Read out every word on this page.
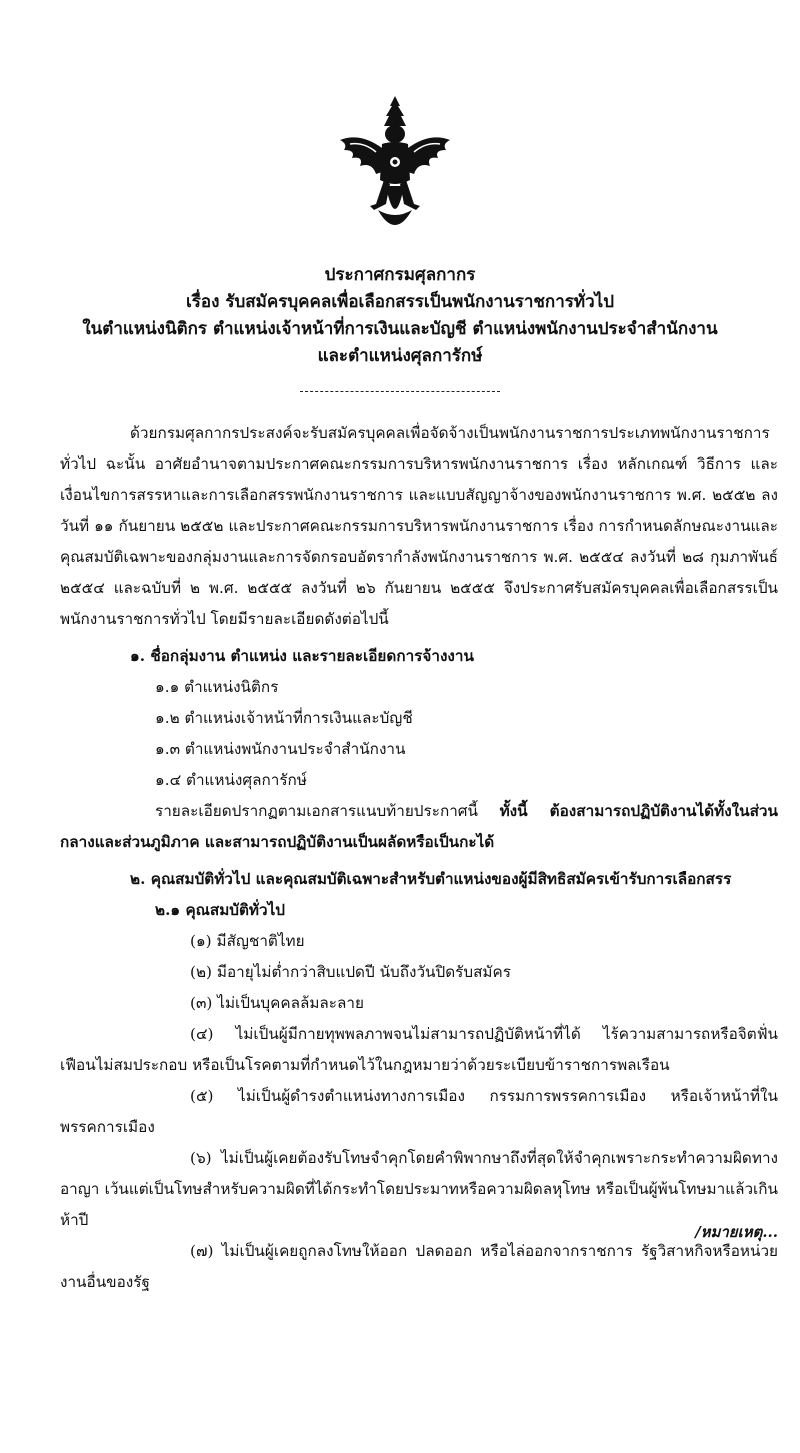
ประกาศกรมศุลกากร
เรื่อง รับสมัครบุคคลเพื่อเลือกสรรเป็นพนักงานราชการทั่วไป
ในตำแหน่งนิติกร ตำแหน่งเจ้าหน้าที่การเงินและบัญชี ตำแหน่งพนักงานประจำสำนักงาน
และตำแหน่งศุลการักษ์

ด้วยกรมศุลกากรประสงค์จะรับสมัครบุคคลเพื่อจัดจ้างเป็นพนักงานราชการประเภทพนักงานราชการทั่วไป ฉะนั้น อาศัยอำนาจตามประกาศคณะกรรมการบริหารพนักงานราชการ เรื่อง หลักเกณฑ์ วิธีการ และเงื่อนไขการสรรหาและการเลือกสรรพนักงานราชการ และแบบสัญญาจ้างของพนักงานราชการ พ.ศ. ๒๕๕๒ ลงวันที่ ๑๑ กันยายน ๒๕๕๒ และประกาศคณะกรรมการบริหารพนักงานราชการ เรื่อง การกำหนดลักษณะงานและคุณสมบัติเฉพาะของกลุ่มงานและการจัดกรอบอัตรากำลังพนักงานราชการ พ.ศ. ๒๕๕๔ ลงวันที่ ๒๘ กุมภาพันธ์ ๒๕๕๔ และฉบับที่ ๒ พ.ศ. ๒๕๕๕ ลงวันที่ ๒๖ กันยายน ๒๕๕๕ จึงประกาศรับสมัครบุคคลเพื่อเลือกสรรเป็นพนักงานราชการทั่วไป โดยมีรายละเอียดดังต่อไปนี้

๑. ชื่อกลุ่มงาน ตำแหน่ง และรายละเอียดการจ้างงาน

๑.๑ ตำแหน่งนิติกร

๑.๒ ตำแหน่งเจ้าหน้าที่การเงินและบัญชี

๑.๓ ตำแหน่งพนักงานประจำสำนักงาน

๑.๔ ตำแหน่งศุลการักษ์

รายละเอียดปรากฏตามเอกสารแนบท้ายประกาศนี้ ทั้งนี้ ต้องสามารถปฏิบัติงานได้ทั้งในส่วนกลางและส่วนภูมิภาค และสามารถปฏิบัติงานเป็นผลัดหรือเป็นกะได้

๒. คุณสมบัติทั่วไป และคุณสมบัติเฉพาะสำหรับตำแหน่งของผู้มีสิทธิสมัครเข้ารับการเลือกสรร

๒.๑ คุณสมบัติทั่วไป

(๑) มีสัญชาติไทย

(๒) มีอายุไม่ต่ำกว่าสิบแปดปี นับถึงวันปิดรับสมัคร

(๓) ไม่เป็นบุคคลล้มละลาย

(๔) ไม่เป็นผู้มีกายทุพพลภาพจนไม่สามารถปฏิบัติหน้าที่ได้ ไร้ความสามารถหรือจิตฟั่นเฟือนไม่สมประกอบ หรือเป็นโรคตามที่กำหนดไว้ในกฎหมายว่าด้วยระเบียบข้าราชการพลเรือน

(๕) ไม่เป็นผู้ดำรงตำแหน่งทางการเมือง กรรมการพรรคการเมือง หรือเจ้าหน้าที่ในพรรคการเมือง

(๖) ไม่เป็นผู้เคยต้องรับโทษจำคุกโดยคำพิพากษาถึงที่สุดให้จำคุกเพราะกระทำความผิดทางอาญา เว้นแต่เป็นโทษสำหรับความผิดที่ได้กระทำโดยประมาทหรือความผิดลหุโทษ หรือเป็นผู้พ้นโทษมาแล้วเกินห้าปี

(๗) ไม่เป็นผู้เคยถูกลงโทษให้ออก ปลดออก หรือไล่ออกจากราชการ รัฐวิสาหกิจหรือหน่วยงานอื่นของรัฐ

/หมายเหตุ...
